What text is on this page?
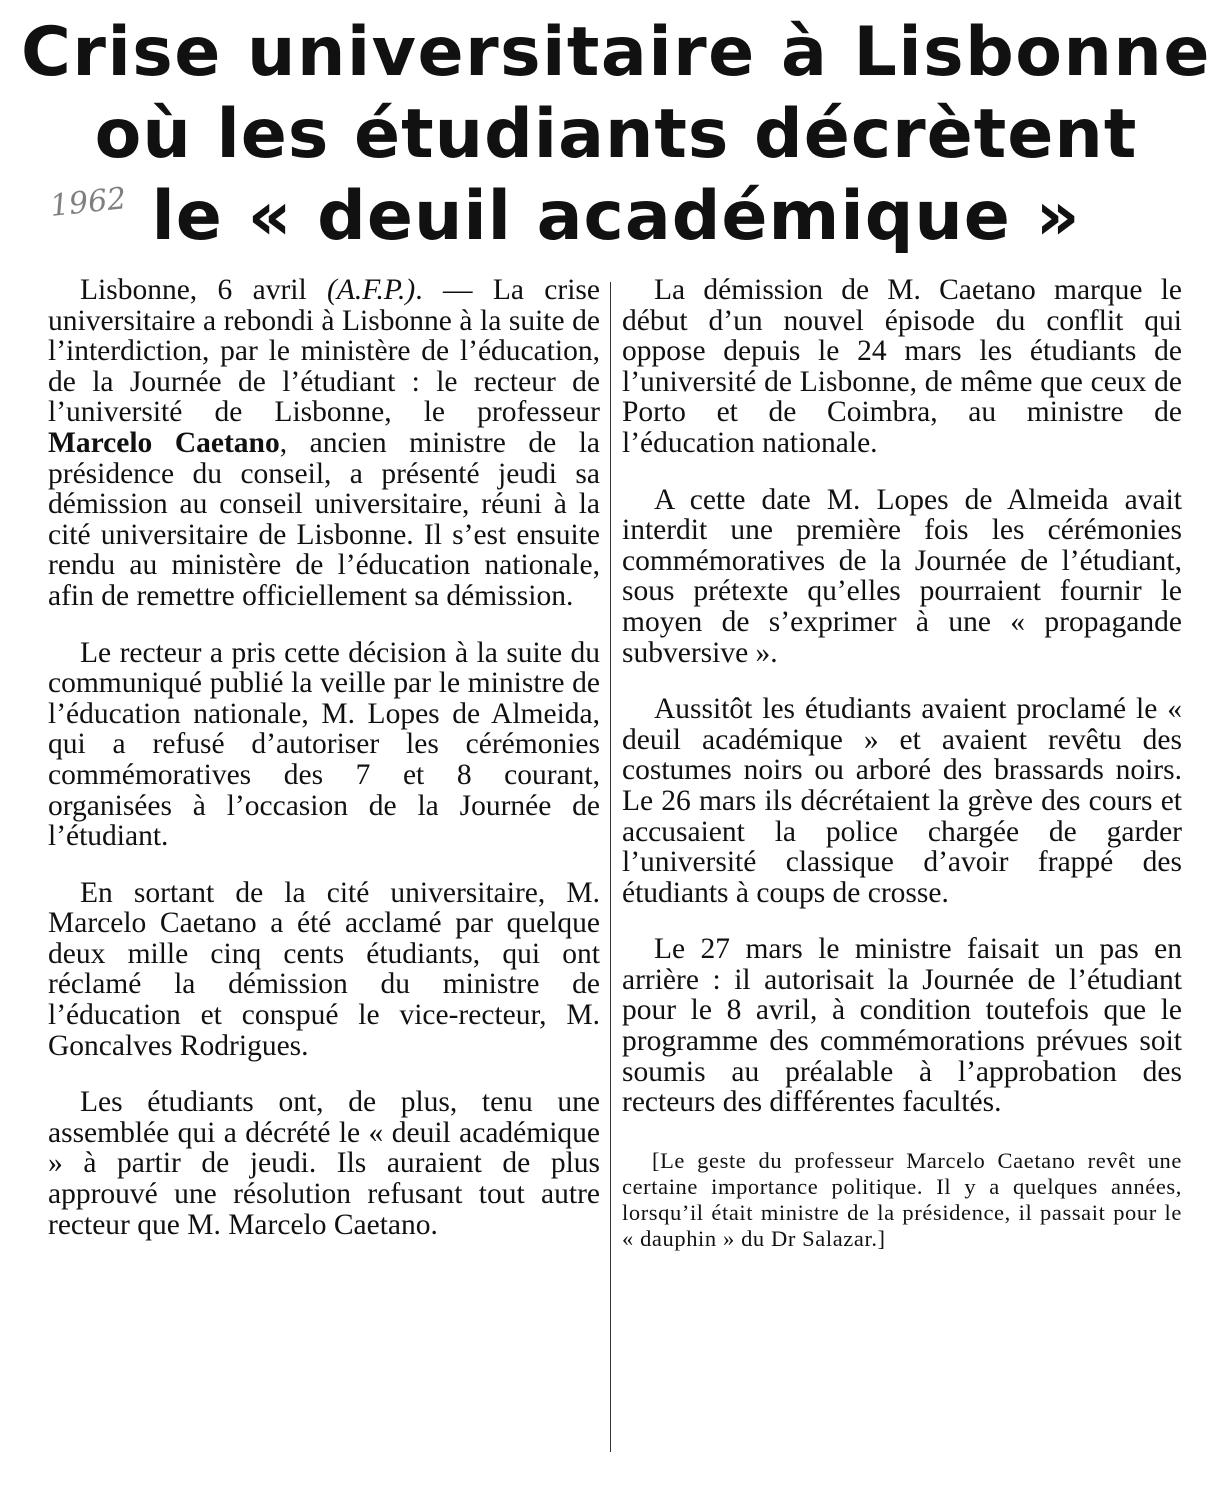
Crise universitaire à Lisbonne
où les étudiants décrètent
le « deuil académique »
1962

Lisbonne, 6 avril (A.F.P.). — La crise universitaire a rebondi à Lisbonne à la suite de l’interdiction, par le ministère de l’éducation, de la Journée de l’étudiant : le recteur de l’université de Lisbonne, le professeur Marcelo Caetano, ancien ministre de la présidence du conseil, a présenté jeudi sa démission au conseil universitaire, réuni à la cité universitaire de Lisbonne. Il s’est ensuite rendu au ministère de l’éducation nationale, afin de remettre officiellement sa démission.

Le recteur a pris cette décision à la suite du communiqué publié la veille par le ministre de l’éducation nationale, M. Lopes de Almeida, qui a refusé d’autoriser les cérémonies commémoratives des 7 et 8 courant, organisées à l’occasion de la Journée de l’étudiant.

En sortant de la cité universitaire, M. Marcelo Caetano a été acclamé par quelque deux mille cinq cents étudiants, qui ont réclamé la démission du ministre de l’éducation et conspué le vice-recteur, M. Goncalves Rodrigues.

Les étudiants ont, de plus, tenu une assemblée qui a décrété le « deuil académique » à partir de jeudi. Ils auraient de plus approuvé une résolution refusant tout autre recteur que M. Marcelo Caetano.

La démission de M. Caetano marque le début d’un nouvel épisode du conflit qui oppose depuis le 24 mars les étudiants de l’université de Lisbonne, de même que ceux de Porto et de Coimbra, au ministre de l’éducation nationale.

A cette date M. Lopes de Almeida avait interdit une première fois les cérémonies commémoratives de la Journée de l’étudiant, sous prétexte qu’elles pourraient fournir le moyen de s’exprimer à une « propagande subversive ».

Aussitôt les étudiants avaient proclamé le « deuil académique » et avaient revêtu des costumes noirs ou arboré des brassards noirs. Le 26 mars ils décrétaient la grève des cours et accusaient la police chargée de garder l’université classique d’avoir frappé des étudiants à coups de crosse.

Le 27 mars le ministre faisait un pas en arrière : il autorisait la Journée de l’étudiant pour le 8 avril, à condition toutefois que le programme des commémorations prévues soit soumis au préalable à l’approbation des recteurs des différentes facultés.

[Le geste du professeur Marcelo Caetano revêt une certaine importance politique. Il y a quelques années, lorsqu’il était ministre de la présidence, il passait pour le « dauphin » du Dr Salazar.]
